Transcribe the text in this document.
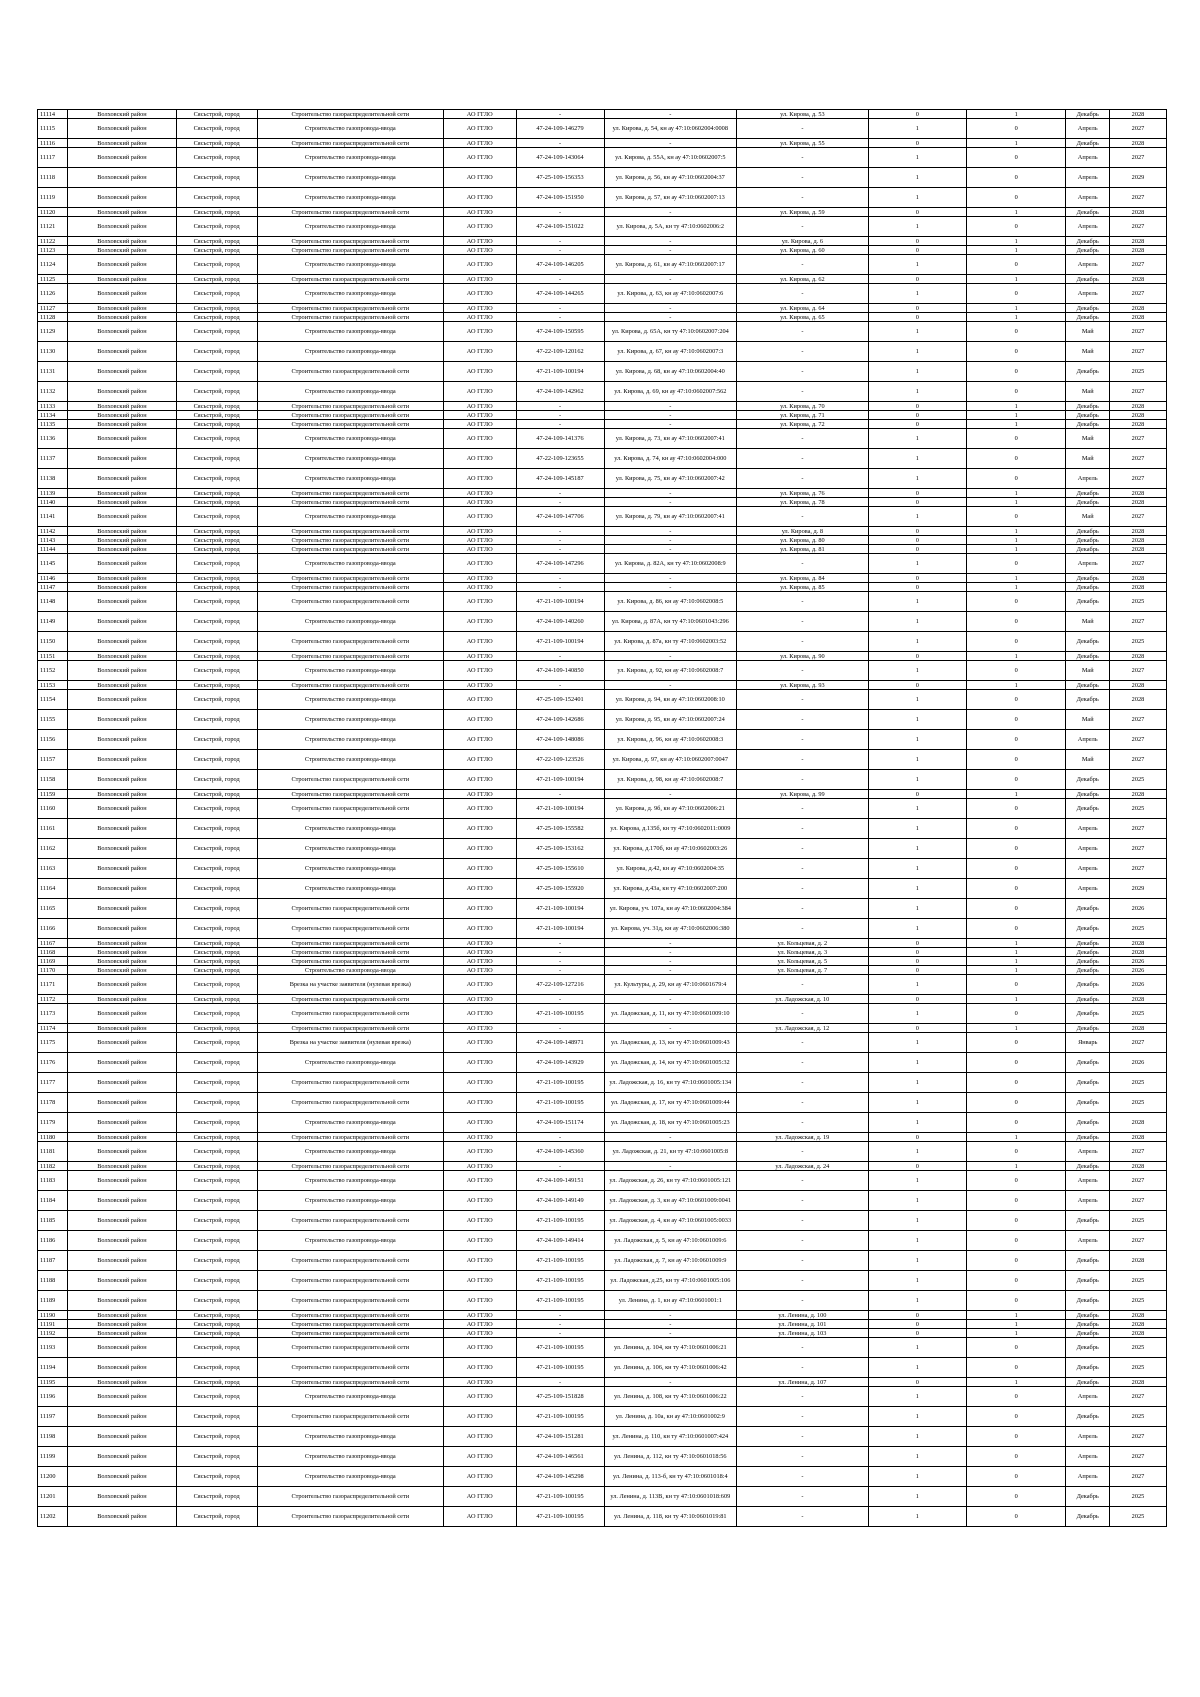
11114	Волховский район	Сясьстрой, город	Строительство газораспределительной сети	АО ГГЛО	-	-	ул. Кирова, д. 53	0	1	Декабрь	2028
11115	Волховский район	Сясьстрой, город	Строительство газопровода-ввода	АО ГГЛО	47-24-109-146279	ул. Кирова, д. 54, кн ау 47:10:0602004:0008	-	1	0	Апрель	2027
11116	Волховский район	Сясьстрой, город	Строительство газораспределительной сети	АО ГГЛО	-	-	ул. Кирова, д. 55	0	1	Декабрь	2028
11117	Волховский район	Сясьстрой, город	Строительство газопровода-ввода	АО ГГЛО	47-24-109-143064	ул. Кирова, д. 55А, кн ау 47:10:0602007:5	-	1	0	Апрель	2027
11118	Волховский район	Сясьстрой, город	Строительство газопровода-ввода	АО ГГЛО	47-25-109-156353	ул. Кирова, д. 56, кн ау 47:10:0602004:37	-	1	0	Апрель	2029
11119	Волховский район	Сясьстрой, город	Строительство газопровода-ввода	АО ГГЛО	47-24-109-151950	ул. Кирова, д. 57, кн ау 47:10:0602007:13	-	1	0	Апрель	2027
11120	Волховский район	Сясьстрой, город	Строительство газораспределительной сети	АО ГГЛО	-	-	ул. Кирова, д. 59	0	1	Декабрь	2028
11121	Волховский район	Сясьстрой, город	Строительство газопровода-ввода	АО ГГЛО	47-24-109-151022	ул. Кирова, д. 5А, кн ту 47:10:0602006:2	-	1	0	Апрель	2027
11122	Волховский район	Сясьстрой, город	Строительство газораспределительной сети	АО ГГЛО	-	-	ул. Кирова, д. 6	0	1	Декабрь	2028
11123	Волховский район	Сясьстрой, город	Строительство газораспределительной сети	АО ГГЛО	-	-	ул. Кирова, д. 60	0	1	Декабрь	2028
11124	Волховский район	Сясьстрой, город	Строительство газопровода-ввода	АО ГГЛО	47-24-109-146205	ул. Кирова, д. 61, кн ау 47:10:0602007:17	-	1	0	Апрель	2027
11125	Волховский район	Сясьстрой, город	Строительство газораспределительной сети	АО ГГЛО	-	-	ул. Кирова, д. 62	0	1	Декабрь	2028
11126	Волховский район	Сясьстрой, город	Строительство газопровода-ввода	АО ГГЛО	47-24-109-144265	ул. Кирова, д. 63, кн ау 47:10:0602007:6	-	1	0	Апрель	2027
11127	Волховский район	Сясьстрой, город	Строительство газораспределительной сети	АО ГГЛО	-	-	ул. Кирова, д. 64	0	1	Декабрь	2028
11128	Волховский район	Сясьстрой, город	Строительство газораспределительной сети	АО ГГЛО	-	-	ул. Кирова, д. 65	0	1	Декабрь	2028
11129	Волховский район	Сясьстрой, город	Строительство газопровода-ввода	АО ГГЛО	47-24-109-150595	ул. Кирова, д. 65А, кн ту 47:10:0602007:204	-	1	0	Май	2027
11130	Волховский район	Сясьстрой, город	Строительство газопровода-ввода	АО ГГЛО	47-22-109-120162	ул. Кирова, д. 67, кн ау 47:10:0602007:3	-	1	0	Май	2027
11131	Волховский район	Сясьстрой, город	Строительство газораспределительной сети	АО ГГЛО	47-21-109-100194	ул. Кирова, д. 68, кн ау 47:10:0602004:40	-	1	0	Декабрь	2025
11132	Волховский район	Сясьстрой, город	Строительство газопровода-ввода	АО ГГЛО	47-24-109-142962	ул. Кирова, д. 69, кн ау 47:10:0602007:562	-	1	0	Май	2027
11133	Волховский район	Сясьстрой, город	Строительство газораспределительной сети	АО ГГЛО	-	-	ул. Кирова, д. 70	0	1	Декабрь	2028
11134	Волховский район	Сясьстрой, город	Строительство газораспределительной сети	АО ГГЛО	-	-	ул. Кирова, д. 71	0	1	Декабрь	2028
11135	Волховский район	Сясьстрой, город	Строительство газораспределительной сети	АО ГГЛО	-	-	ул. Кирова, д. 72	0	1	Декабрь	2028
11136	Волховский район	Сясьстрой, город	Строительство газопровода-ввода	АО ГГЛО	47-24-109-141376	ул. Кирова, д. 73, кн ау 47:10:0602007:41	-	1	0	Май	2027
11137	Волховский район	Сясьстрой, город	Строительство газопровода-ввода	АО ГГЛО	47-22-109-123655	ул. Кирова, д. 74, кн ау 47:10:0602004:000	-	1	0	Май	2027
11138	Волховский район	Сясьстрой, город	Строительство газопровода-ввода	АО ГГЛО	47-24-109-145187	ул. Кирова, д. 75, кн ау 47:10:0602007:42	-	1	0	Апрель	2027
11139	Волховский район	Сясьстрой, город	Строительство газораспределительной сети	АО ГГЛО	-	-	ул. Кирова, д. 76	0	1	Декабрь	2028
11140	Волховский район	Сясьстрой, город	Строительство газораспределительной сети	АО ГГЛО	-	-	ул. Кирова, д. 78	0	1	Декабрь	2028
11141	Волховский район	Сясьстрой, город	Строительство газопровода-ввода	АО ГГЛО	47-24-109-147706	ул. Кирова, д. 79, кн ау 47:10:0602007:41	-	1	0	Май	2027
11142	Волховский район	Сясьстрой, город	Строительство газораспределительной сети	АО ГГЛО	-	-	ул. Кирова, д. 8	0	1	Декабрь	2028
11143	Волховский район	Сясьстрой, город	Строительство газораспределительной сети	АО ГГЛО	-	-	ул. Кирова, д. 80	0	1	Декабрь	2028
11144	Волховский район	Сясьстрой, город	Строительство газораспределительной сети	АО ГГЛО	-	-	ул. Кирова, д. 81	0	1	Декабрь	2028
11145	Волховский район	Сясьстрой, город	Строительство газопровода-ввода	АО ГГЛО	47-24-109-147296	ул. Кирова, д. 82А, кн ту 47:10:0602008:9	-	1	0	Апрель	2027
11146	Волховский район	Сясьстрой, город	Строительство газораспределительной сети	АО ГГЛО	-	-	ул. Кирова, д. 84	0	1	Декабрь	2028
11147	Волховский район	Сясьстрой, город	Строительство газораспределительной сети	АО ГГЛО	-	-	ул. Кирова, д. 85	0	1	Декабрь	2028
11148	Волховский район	Сясьстрой, город	Строительство газораспределительной сети	АО ГГЛО	47-21-109-100194	ул. Кирова, д. 86, кн ау 47:10:0602008:5	-	1	0	Декабрь	2025
11149	Волховский район	Сясьстрой, город	Строительство газопровода-ввода	АО ГГЛО	47-24-109-140260	ул. Кирова, д. 87А, кн ту 47:10:0601043:296	-	1	0	Май	2027
11150	Волховский район	Сясьстрой, город	Строительство газораспределительной сети	АО ГГЛО	47-21-109-100194	ул. Кирова, д. 87а, кн ту 47:10:0602003:52	-	1	0	Декабрь	2025
11151	Волховский район	Сясьстрой, город	Строительство газораспределительной сети	АО ГГЛО	-	-	ул. Кирова, д. 90	0	1	Декабрь	2028
11152	Волховский район	Сясьстрой, город	Строительство газопровода-ввода	АО ГГЛО	47-24-109-140850	ул. Кирова, д. 92, кн ау 47:10:0602008:7	-	1	0	Май	2027
11153	Волховский район	Сясьстрой, город	Строительство газораспределительной сети	АО ГГЛО	-	-	ул. Кирова, д. 93	0	1	Декабрь	2028
11154	Волховский район	Сясьстрой, город	Строительство газопровода-ввода	АО ГГЛО	47-25-109-152401	ул. Кирова, д. 94, кн ау 47:10:0602008:10	-	1	0	Декабрь	2028
11155	Волховский район	Сясьстрой, город	Строительство газопровода-ввода	АО ГГЛО	47-24-109-142686	ул. Кирова, д. 95, кн ау 47:10:0602007:24	-	1	0	Май	2027
11156	Волховский район	Сясьстрой, город	Строительство газопровода-ввода	АО ГГЛО	47-24-109-148086	ул. Кирова, д. 96, кн ау 47:10:0602008:3	-	1	0	Апрель	2027
11157	Волховский район	Сясьстрой, город	Строительство газопровода-ввода	АО ГГЛО	47-22-109-123526	ул. Кирова, д. 97, кн ау 47:10:0602007:0047	-	1	0	Май	2027
11158	Волховский район	Сясьстрой, город	Строительство газораспределительной сети	АО ГГЛО	47-21-109-100194	ул. Кирова, д. 98, кн ау 47:10:0602008:7	-	1	0	Декабрь	2025
11159	Волховский район	Сясьстрой, город	Строительство газораспределительной сети	АО ГГЛО	-	-	ул. Кирова, д. 99	0	1	Декабрь	2028
11160	Волховский район	Сясьстрой, город	Строительство газораспределительной сети	АО ГГЛО	47-21-109-100194	ул. Кирова, д. 9б, кн ау 47:10:0602006:21	-	1	0	Декабрь	2025
11161	Волховский район	Сясьстрой, город	Строительство газопровода-ввода	АО ГГЛО	47-25-109-155582	ул. Кирова, д.135б, кн ту 47:10:0602011:0009	-	1	0	Апрель	2027
11162	Волховский район	Сясьстрой, город	Строительство газопровода-ввода	АО ГГЛО	47-25-109-153162	ул. Кирова, д.170б, кн ау 47:10:0602003:26	-	1	0	Апрель	2027
11163	Волховский район	Сясьстрой, город	Строительство газопровода-ввода	АО ГГЛО	47-25-109-155610	ул. Кирова, д.42, кн ау 47:10:0602004:35	-	1	0	Апрель	2027
11164	Волховский район	Сясьстрой, город	Строительство газопровода-ввода	АО ГГЛО	47-25-109-155920	ул. Кирова, д.43а, кн ту 47:10:0602007:200	-	1	0	Апрель	2029
11165	Волховский район	Сясьстрой, город	Строительство газораспределительной сети	АО ГГЛО	47-21-109-100194	ул. Кирова, уч. 107а, кн ау 47:10:0602004:384	-	1	0	Декабрь	2026
11166	Волховский район	Сясьстрой, город	Строительство газораспределительной сети	АО ГГЛО	47-21-109-100194	ул. Кирова, уч. 31д, кн ау 47:10:0602006:380	-	1	0	Декабрь	2025
11167	Волховский район	Сясьстрой, город	Строительство газораспределительной сети	АО ГГЛО	-	-	ул. Кольцевая, д. 2	0	1	Декабрь	2028
11168	Волховский район	Сясьстрой, город	Строительство газораспределительной сети	АО ГГЛО	-	-	ул. Кольцевая, д. 3	0	1	Декабрь	2028
11169	Волховский район	Сясьстрой, город	Строительство газораспределительной сети	АО ГГЛО	-	-	ул. Кольцевая, д. 5	0	1	Декабрь	2026
11170	Волховский район	Сясьстрой, город	Строительство газопровода-ввода	АО ГГЛО	-	-	ул. Кольцевая, д. 7	0	1	Декабрь	2026
11171	Волховский район	Сясьстрой, город	Врезка на участке заявителя (нулевая врезка)	АО ГГЛО	47-22-109-127216	ул. Культуры, д. 29, кн ау 47:10:0601679:4	-	1	0	Декабрь	2026
11172	Волховский район	Сясьстрой, город	Строительство газораспределительной сети	АО ГГЛО	-	-	ул. Ладожская, д. 10	0	1	Декабрь	2028
11173	Волховский район	Сясьстрой, город	Строительство газораспределительной сети	АО ГГЛО	47-21-109-100195	ул. Ладожская, д. 11, кн ту 47:10:0601009:10	-	1	0	Декабрь	2025
11174	Волховский район	Сясьстрой, город	Строительство газораспределительной сети	АО ГГЛО	-	-	ул. Ладожская, д. 12	0	1	Декабрь	2028
11175	Волховский район	Сясьстрой, город	Врезка на участке заявителя (нулевая врезка)	АО ГГЛО	47-24-109-148971	ул. Ладожская, д. 13, кн ту 47:10:0601009:43	-	1	0	Январь	2027
11176	Волховский район	Сясьстрой, город	Строительство газопровода-ввода	АО ГГЛО	47-24-109-143929	ул. Ладожская, д. 14, кн ту 47:10:0601005:32	-	1	0	Декабрь	2026
11177	Волховский район	Сясьстрой, город	Строительство газораспределительной сети	АО ГГЛО	47-21-109-100195	ул. Ладожская, д. 16, кн ту 47:10:0601005:134	-	1	0	Декабрь	2025
11178	Волховский район	Сясьстрой, город	Строительство газораспределительной сети	АО ГГЛО	47-21-109-100195	ул. Ладожская, д. 17, кн ту 47:10:0601009:44	-	1	0	Декабрь	2025
11179	Волховский район	Сясьстрой, город	Строительство газопровода-ввода	АО ГГЛО	47-24-109-151174	ул. Ладожская, д. 18, кн ту 47:10:0601005:23	-	1	0	Декабрь	2028
11180	Волховский район	Сясьстрой, город	Строительство газораспределительной сети	АО ГГЛО	-	-	ул. Ладожская, д. 19	0	1	Декабрь	2028
11181	Волховский район	Сясьстрой, город	Строительство газопровода-ввода	АО ГГЛО	47-24-109-145360	ул. Ладожская, д. 21, кн ту 47:10:0601005:8	-	1	0	Апрель	2027
11182	Волховский район	Сясьстрой, город	Строительство газораспределительной сети	АО ГГЛО	-	-	ул. Ладожская, д. 24	0	1	Декабрь	2028
11183	Волховский район	Сясьстрой, город	Строительство газопровода-ввода	АО ГГЛО	47-24-109-149151	ул. Ладожская, д. 26, кн ту 47:10:0601005:121	-	1	0	Апрель	2027
11184	Волховский район	Сясьстрой, город	Строительство газопровода-ввода	АО ГГЛО	47-24-109-149149	ул. Ладожская, д. 3, кн ау 47:10:0601009:0041	-	1	0	Апрель	2027
11185	Волховский район	Сясьстрой, город	Строительство газораспределительной сети	АО ГГЛО	47-21-109-100195	ул. Ладожская, д. 4, кн ау 47:10:0601005:0033	-	1	0	Декабрь	2025
11186	Волховский район	Сясьстрой, город	Строительство газопровода-ввода	АО ГГЛО	47-24-109-149414	ул. Ладожская, д. 5, кн ау 47:10:0601009:6	-	1	0	Апрель	2027
11187	Волховский район	Сясьстрой, город	Строительство газораспределительной сети	АО ГГЛО	47-21-109-100195	ул. Ладожская, д. 7, кн ау 47:10:0601009:9	-	1	0	Декабрь	2028
11188	Волховский район	Сясьстрой, город	Строительство газораспределительной сети	АО ГГЛО	47-21-109-100195	ул. Ладожская, д.25, кн ту 47:10:0601005:106	-	1	0	Декабрь	2025
11189	Волховский район	Сясьстрой, город	Строительство газораспределительной сети	АО ГГЛО	47-21-109-100195	ул. Ленина, д. 1, кн ау 47:10:0601001:1	-	1	0	Декабрь	2025
11190	Волховский район	Сясьстрой, город	Строительство газораспределительной сети	АО ГГЛО	-	-	ул. Ленина, д. 100	0	1	Декабрь	2028
11191	Волховский район	Сясьстрой, город	Строительство газораспределительной сети	АО ГГЛО	-	-	ул. Ленина, д. 101	0	1	Декабрь	2028
11192	Волховский район	Сясьстрой, город	Строительство газораспределительной сети	АО ГГЛО	-	-	ул. Ленина, д. 103	0	1	Декабрь	2028
11193	Волховский район	Сясьстрой, город	Строительство газораспределительной сети	АО ГГЛО	47-21-109-100195	ул. Ленина, д. 104, кн ту 47:10:0601006:21	-	1	0	Декабрь	2025
11194	Волховский район	Сясьстрой, город	Строительство газораспределительной сети	АО ГГЛО	47-21-109-100195	ул. Ленина, д. 106, кн ту 47:10:0601006:42	-	1	0	Декабрь	2025
11195	Волховский район	Сясьстрой, город	Строительство газораспределительной сети	АО ГГЛО	-	-	ул. Ленина, д. 107	0	1	Декабрь	2028
11196	Волховский район	Сясьстрой, город	Строительство газопровода-ввода	АО ГГЛО	47-25-109-151828	ул. Ленина, д. 108, кн ту 47:10:0601006:22	-	1	0	Апрель	2027
11197	Волховский район	Сясьстрой, город	Строительство газораспределительной сети	АО ГГЛО	47-21-109-100195	ул. Ленина, д. 10а, кн ау 47:10:0601002:9	-	1	0	Декабрь	2025
11198	Волховский район	Сясьстрой, город	Строительство газопровода-ввода	АО ГГЛО	47-24-109-151281	ул. Ленина, д. 110, кн ту 47:10:0601007:424	-	1	0	Апрель	2027
11199	Волховский район	Сясьстрой, город	Строительство газопровода-ввода	АО ГГЛО	47-24-109-146561	ул. Ленина, д. 112, кн ту 47:10:0601018:56	-	1	0	Апрель	2027
11200	Волховский район	Сясьстрой, город	Строительство газопровода-ввода	АО ГГЛО	47-24-109-145298	ул. Ленина, д. 113-б, кн ту 47:10:0601018:4	-	1	0	Апрель	2027
11201	Волховский район	Сясьстрой, город	Строительство газораспределительной сети	АО ГГЛО	47-21-109-100195	ул. Ленина, д. 113В, кн ту 47:10:0601018:609	-	1	0	Декабрь	2025
11202	Волховский район	Сясьстрой, город	Строительство газораспределительной сети	АО ГГЛО	47-21-109-100195	ул. Ленина, д. 118, кн ту 47:10:0601019:81	-	1	0	Декабрь	2025
